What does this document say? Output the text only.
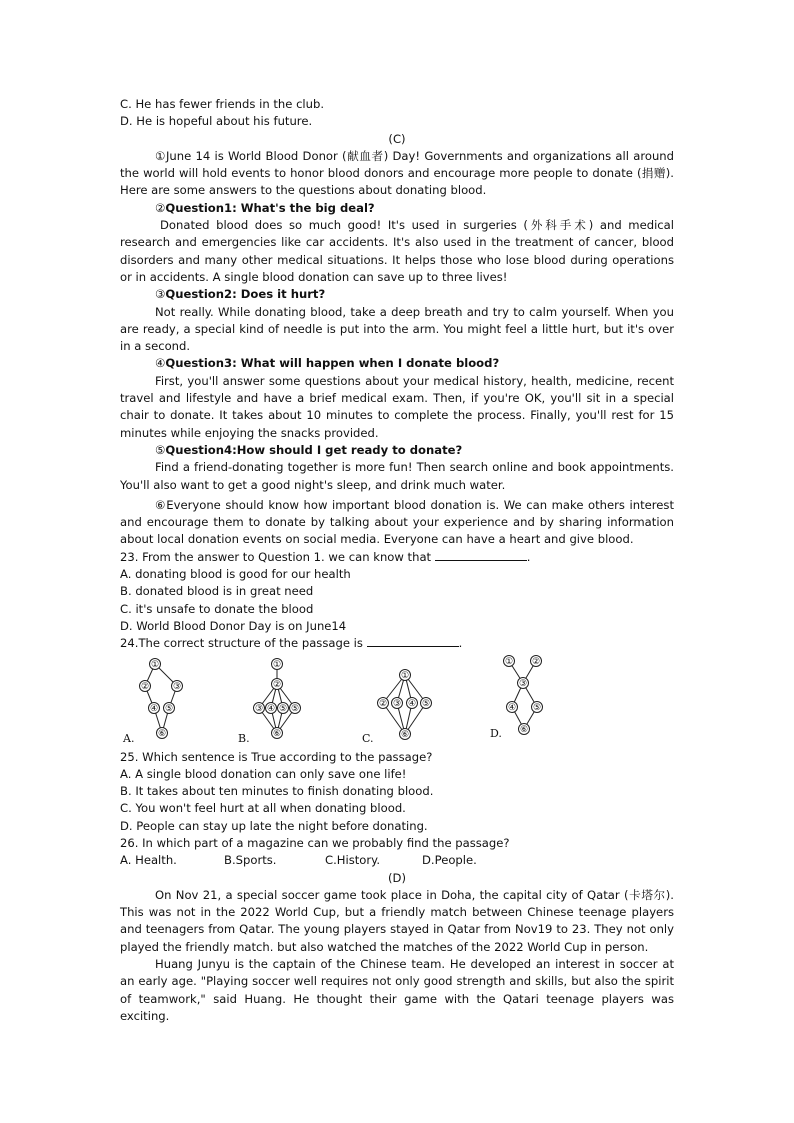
C. He has fewer friends in the club.

D. He is hopeful about his future.

(C)

①June 14 is World Blood Donor (献血者) Day! Governments and organizations all around the world will hold events to honor blood donors and encourage more people to donate (捐赠). Here are some answers to the questions about donating blood.

②Question1: What's the big deal?

Donated blood does so much good! It's used in surgeries (外科手术) and medical research and emergencies like car accidents. It's also used in the treatment of cancer, blood disorders and many other medical situations. It helps those who lose blood during operations or in accidents. A single blood donation can save up to three lives!

③Question2: Does it hurt?

Not really. While donating blood, take a deep breath and try to calm yourself. When you are ready, a special kind of needle is put into the arm. You might feel a little hurt, but it's over in a second.

④Question3: What will happen when I donate blood?

First, you'll answer some questions about your medical history, health, medicine, recent travel and lifestyle and have a brief medical exam. Then, if you're OK, you'll sit in a special chair to donate. It takes about 10 minutes to complete the process. Finally, you'll rest for 15 minutes while enjoying the snacks provided.

⑤Question4:How should I get ready to donate?

Find a friend-donating together is more fun! Then search online and book appointments. You'll also want to get a good night's sleep, and drink much water.

⑥Everyone should know how important blood donation is. We can make others interest and encourage them to donate by talking about your experience and by sharing information about local donation events on social media. Everyone can have a heart and give blood.

23. From the answer to Question 1. we can know that	.

A. donating blood is good for our health

B. donated blood is in great need

C. it's unsafe to donate the blood

D. World Blood Donor Day is on June14

24.The correct structure of the passage is	.

①
②	③
④ ⑤
⑥
A.
①
②
③ ④ ⑤ ⑤
⑥
B.
①
② ③ ④ ⑤
⑥
C.
① ②
③
④ ⑤
⑥
D.

25. Which sentence is True according to the passage?

A. A single blood donation can only save one life!

B. It takes about ten minutes to finish donating blood.

C. You won't feel hurt at all when donating blood.

D. People can stay up late the night before donating.

26. In which part of a magazine can we probably find the passage?

A. Health.	B.Sports.	C.History.	D.People.

(D)

On Nov 21, a special soccer game took place in Doha, the capital city of Qatar (卡塔尔). This was not in the 2022 World Cup, but a friendly match between Chinese teenage players and teenagers from Qatar. The young players stayed in Qatar from Nov19 to 23. They not only played the friendly match. but also watched the matches of the 2022 World Cup in person.

Huang Junyu is the captain of the Chinese team. He developed an interest in soccer at an early age. "Playing soccer well requires not only good strength and skills, but also the spirit of teamwork," said Huang. He thought their game with the Qatari teenage players was exciting.
